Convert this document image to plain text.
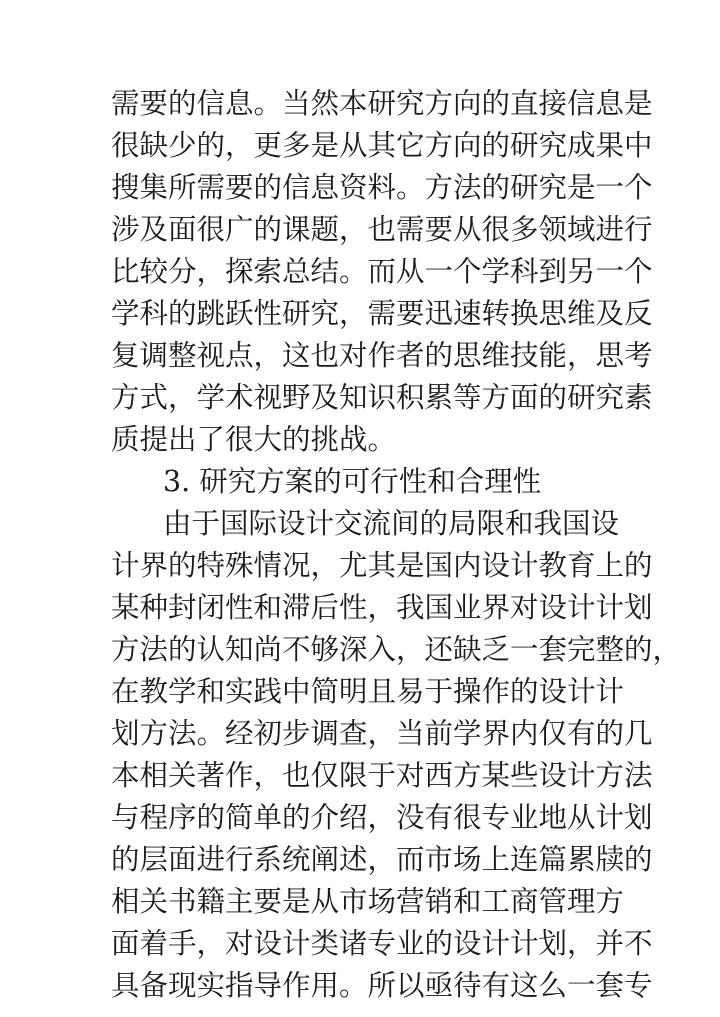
需要的信息。当然本研究方向的直接信息是
很缺少的，更多是从其它方向的研究成果中
搜集所需要的信息资料。方法的研究是一个
涉及面很广的课题，也需要从很多领域进行
比较分，探索总结。而从一个学科到另一个
学科的跳跃性研究，需要迅速转换思维及反
复调整视点，这也对作者的思维技能，思考
方式，学术视野及知识积累等方面的研究素
质提出了很大的挑战。
3. 研究方案的可行性和合理性
由于国际设计交流间的局限和我国设
计界的特殊情况，尤其是国内设计教育上的
某种封闭性和滞后性，我国业界对设计计划
方法的认知尚不够深入，还缺乏一套完整的，
在教学和实践中简明且易于操作的设计计
划方法。经初步调查，当前学界内仅有的几
本相关著作，也仅限于对西方某些设计方法
与程序的简单的介绍，没有很专业地从计划
的层面进行系统阐述，而市场上连篇累牍的
相关书籍主要是从市场营销和工商管理方
面着手，对设计类诸专业的设计计划，并不
具备现实指导作用。所以亟待有这么一套专
